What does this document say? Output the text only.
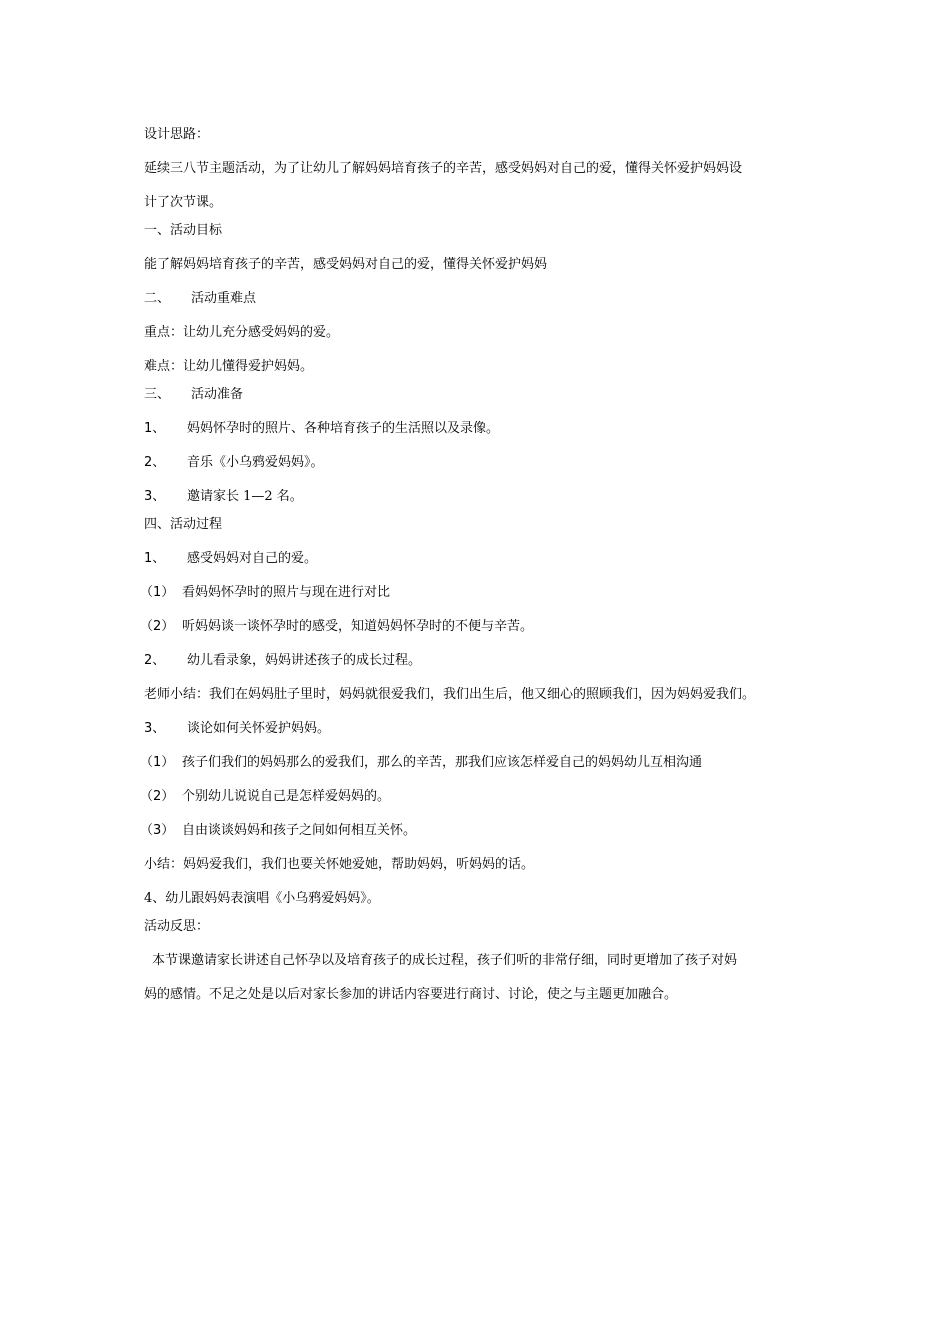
设计思路：
延续三八节主题活动，为了让幼儿了解妈妈培育孩子的辛苦，感受妈妈对自己的爱，懂得关怀爱护妈妈设
计了次节课。
一、活动目标
能了解妈妈培育孩子的辛苦，感受妈妈对自己的爱，懂得关怀爱护妈妈
二、 活动重难点
重点：让幼儿充分感受妈妈的爱。
难点：让幼儿懂得爱护妈妈。
三、 活动准备
1、 妈妈怀孕时的照片、各种培育孩子的生活照以及录像。
2、 音乐《小乌鸦爱妈妈》。
3、 邀请家长 1—2 名。
四、活动过程
1、 感受妈妈对自己的爱。
（1） 看妈妈怀孕时的照片与现在进行对比
（2） 听妈妈谈一谈怀孕时的感受，知道妈妈怀孕时的不便与辛苦。
2、 幼儿看录象，妈妈讲述孩子的成长过程。
老师小结：我们在妈妈肚子里时，妈妈就很爱我们，我们出生后，他又细心的照顾我们，因为妈妈爱我们。
3、 谈论如何关怀爱护妈妈。
（1） 孩子们我们的妈妈那么的爱我们，那么的辛苦，那我们应该怎样爱自己的妈妈幼儿互相沟通
（2） 个别幼儿说说自己是怎样爱妈妈的。
（3） 自由谈谈妈妈和孩子之间如何相互关怀。
小结：妈妈爱我们，我们也要关怀她爱她，帮助妈妈，听妈妈的话。
4、幼儿跟妈妈表演唱《小乌鸦爱妈妈》。
活动反思：
本节课邀请家长讲述自己怀孕以及培育孩子的成长过程，孩子们听的非常仔细，同时更增加了孩子对妈
妈的感情。不足之处是以后对家长参加的讲话内容要进行商讨、讨论，使之与主题更加融合。
